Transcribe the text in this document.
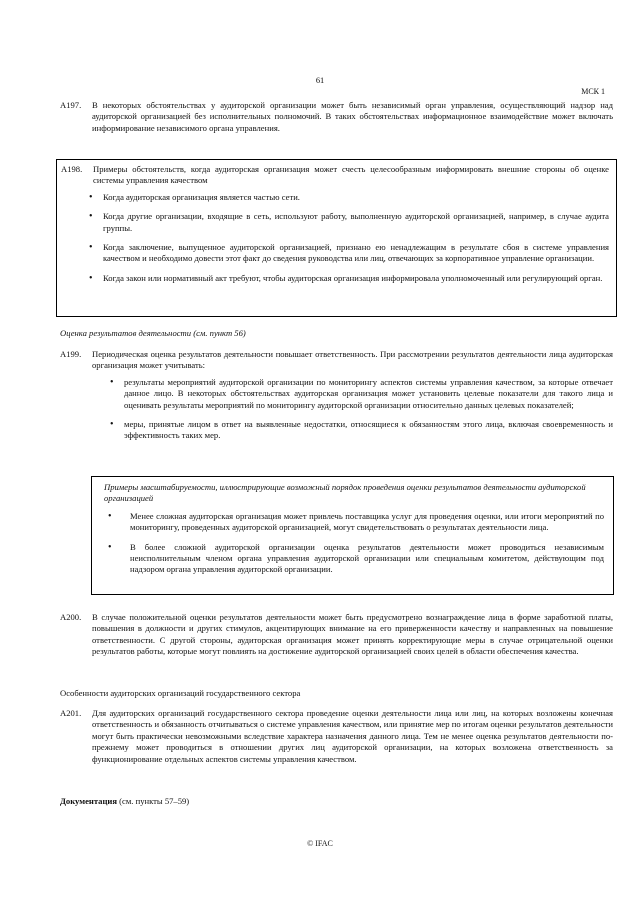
61
МСК 1
A197. В некоторых обстоятельствах у аудиторской организации может быть независимый орган управления, осуществляющий надзор над аудиторской организацией без исполнительных полномочий. В таких обстоятельствах информационное взаимодействие может включать информирование независимого органа управления.
A198. Примеры обстоятельств, когда аудиторская организация может счесть целесообразным информировать внешние стороны об оценке системы управления качеством
• Когда аудиторская организация является частью сети.
• Когда другие организации, входящие в сеть, используют работу, выполненную аудиторской организацией, например, в случае аудита группы.
• Когда заключение, выпущенное аудиторской организацией, признано ею ненадлежащим в результате сбоя в системе управления качеством и необходимо довести этот факт до сведения руководства или лиц, отвечающих за корпоративное управление организации.
• Когда закон или нормативный акт требуют, чтобы аудиторская организация информировала уполномоченный или регулирующий орган.
Оценка результатов деятельности (см. пункт 56)
A199. Периодическая оценка результатов деятельности повышает ответственность. При рассмотрении результатов деятельности лица аудиторская организация может учитывать:
• результаты мероприятий аудиторской организации по мониторингу аспектов системы управления качеством, за которые отвечает данное лицо. В некоторых обстоятельствах аудиторская организация может установить целевые показатели для такого лица и оценивать результаты мероприятий по мониторингу аудиторской организации относительно данных целевых показателей;
• меры, принятые лицом в ответ на выявленные недостатки, относящиеся к обязанностям этого лица, включая своевременность и эффективность таких мер.
Примеры масштабируемости, иллюстрирующие возможный порядок проведения оценки результатов деятельности аудиторской организацией
• Менее сложная аудиторская организация может привлечь поставщика услуг для проведения оценки, или итоги мероприятий по мониторингу, проведенных аудиторской организацией, могут свидетельствовать о результатах деятельности лица.
• В более сложной аудиторской организации оценка результатов деятельности может проводиться независимым неисполнительным членом органа управления аудиторской организации или специальным комитетом, действующим под надзором органа управления аудиторской организации.
A200. В случае положительной оценки результатов деятельности может быть предусмотрено вознаграждение лица в форме заработной платы, повышения в должности и других стимулов, акцентирующих внимание на его приверженности качеству и направленных на повышение ответственности. С другой стороны, аудиторская организация может принять корректирующие меры в случае отрицательной оценки результатов работы, которые могут повлиять на достижение аудиторской организацией своих целей в области обеспечения качества.
Особенности аудиторских организаций государственного сектора
A201. Для аудиторских организаций государственного сектора проведение оценки деятельности лица или лиц, на которых возложены конечная ответственность и обязанность отчитываться о системе управления качеством, или принятие мер по итогам оценки результатов деятельности могут быть практически невозможными вследствие характера назначения данного лица. Тем не менее оценка результатов деятельности по-прежнему может проводиться в отношении других лиц аудиторской организации, на которых возложена ответственность за функционирование отдельных аспектов системы управления качеством.
Документация (см. пункты 57–59)
© IFAC
